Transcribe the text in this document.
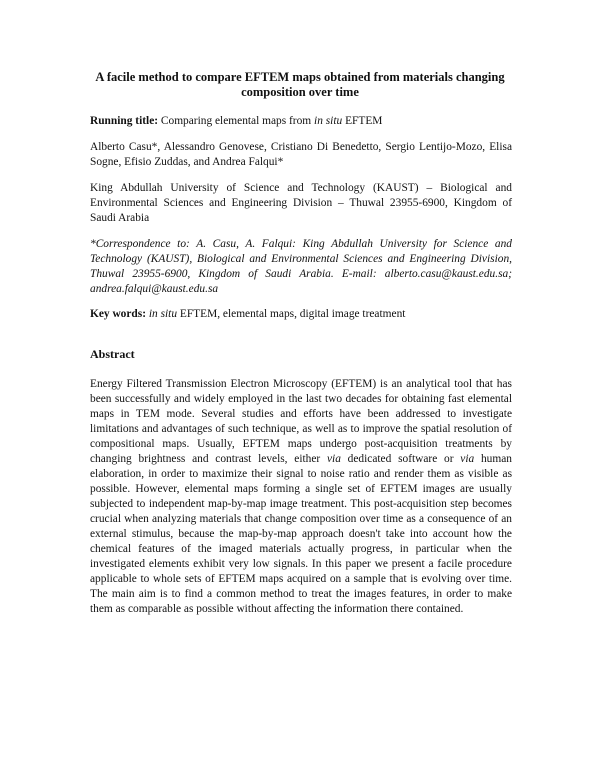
A facile method to compare EFTEM maps obtained from materials changing composition over time
Running title: Comparing elemental maps from in situ EFTEM
Alberto Casu*, Alessandro Genovese, Cristiano Di Benedetto, Sergio Lentijo-Mozo, Elisa Sogne, Efisio Zuddas, and Andrea Falqui*
King Abdullah University of Science and Technology (KAUST) – Biological and Environmental Sciences and Engineering Division – Thuwal 23955-6900, Kingdom of Saudi Arabia
*Correspondence to: A. Casu, A. Falqui: King Abdullah University for Science and Technology (KAUST), Biological and Environmental Sciences and Engineering Division, Thuwal 23955-6900, Kingdom of Saudi Arabia. E-mail: alberto.casu@kaust.edu.sa; andrea.falqui@kaust.edu.sa
Key words: in situ EFTEM, elemental maps, digital image treatment
Abstract
Energy Filtered Transmission Electron Microscopy (EFTEM) is an analytical tool that has been successfully and widely employed in the last two decades for obtaining fast elemental maps in TEM mode. Several studies and efforts have been addressed to investigate limitations and advantages of such technique, as well as to improve the spatial resolution of compositional maps. Usually, EFTEM maps undergo post-acquisition treatments by changing brightness and contrast levels, either via dedicated software or via human elaboration, in order to maximize their signal to noise ratio and render them as visible as possible. However, elemental maps forming a single set of EFTEM images are usually subjected to independent map-by-map image treatment. This post-acquisition step becomes crucial when analyzing materials that change composition over time as a consequence of an external stimulus, because the map-by-map approach doesn't take into account how the chemical features of the imaged materials actually progress, in particular when the investigated elements exhibit very low signals. In this paper we present a facile procedure applicable to whole sets of EFTEM maps acquired on a sample that is evolving over time. The main aim is to find a common method to treat the images features, in order to make them as comparable as possible without affecting the information there contained.
